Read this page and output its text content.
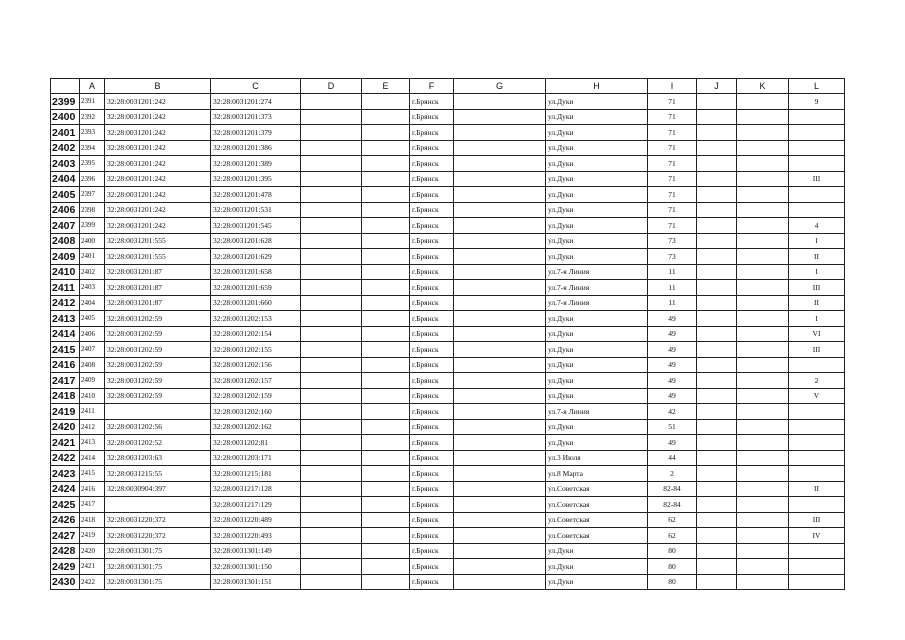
	A	B	C	D	E	F	G	H	I	J	K	L
2399	2391	32:28:0031201:242	32:28:0031201:274			г.Брянск		ул.Дуки	71			9
2400	2392	32:28:0031201:242	32:28:0031201:373			г.Брянск		ул.Дуки	71			
2401	2393	32:28:0031201:242	32:28:0031201:379			г.Брянск		ул.Дуки	71			
2402	2394	32:28:0031201:242	32:28:0031201:386			г.Брянск		ул.Дуки	71			
2403	2395	32:28:0031201:242	32:28:0031201:389			г.Брянск		ул.Дуки	71			
2404	2396	32:28:0031201:242	32:28:0031201:395			г.Брянск		ул.Дуки	71			III
2405	2397	32:28:0031201:242	32:28:0031201:478			г.Брянск		ул.Дуки	71			
2406	2398	32:28:0031201:242	32:28:0031201:531			г.Брянск		ул.Дуки	71			
2407	2399	32:28:0031201:242	32:28:0031201:545			г.Брянск		ул.Дуки	71			4
2408	2400	32:28:0031201:555	32:28:0031201:628			г.Брянск		ул.Дуки	73			I
2409	2401	32:28:0031201:555	32:28:0031201:629			г.Брянск		ул.Дуки	73			II
2410	2402	32:28:0031201:87	32:28:0031201:658			г.Брянск		ул.7-я Линия	11			I
2411	2403	32:28:0031201:87	32:28:0031201:659			г.Брянск		ул.7-я Линия	11			III
2412	2404	32:28:0031201:87	32:28:0031201:660			г.Брянск		ул.7-я Линия	11			II
2413	2405	32:28:0031202:59	32:28:0031202:153			г.Брянск		ул.Дуки	49			I
2414	2406	32:28:0031202:59	32:28:0031202:154			г.Брянск		ул.Дуки	49			VI
2415	2407	32:28:0031202:59	32:28:0031202:155			г.Брянск		ул.Дуки	49			III
2416	2408	32:28:0031202:59	32:28:0031202:156			г.Брянск		ул.Дуки	49			
2417	2409	32:28:0031202:59	32:28:0031202:157			г.Брянск		ул.Дуки	49			2
2418	2410	32:28:0031202:59	32:28:0031202:159			г.Брянск		ул.Дуки	49			V
2419	2411		32:28:0031202:160			г.Брянск		ул.7-я Линия	42			
2420	2412	32:28:0031202:56	32:28:0031202:162			г.Брянск		ул.Дуки	51			
2421	2413	32:28:0031202:52	32:28:0031202:81			г.Брянск		ул.Дуки	49			
2422	2414	32:28:0031203:63	32:28:0031203:171			г.Брянск		ул.3 Июля	44			
2423	2415	32:28:0031215:55	32:28:0031215:181			г.Брянск		ул.8 Марта	2			
2424	2416	32:28:0030904:397	32:28:0031217:128			г.Брянск		ул.Советская	82-84			II
2425	2417		32:28:0031217:129			г.Брянск		ул.Советская	82-84			
2426	2418	32:28:0031220:372	32:28:0031220:489			г.Брянск		ул.Советская	62			III
2427	2419	32:28:0031220:372	32:28:0031220:493			г.Брянск		ул.Советская	62			IV
2428	2420	32:28:0031301:75	32:28:0031301:149			г.Брянск		ул.Дуки	80			
2429	2421	32:28:0031301:75	32:28:0031301:150			г.Брянск		ул.Дуки	80			
2430	2422	32:28:0031301:75	32:28:0031301:151			г.Брянск		ул.Дуки	80			
